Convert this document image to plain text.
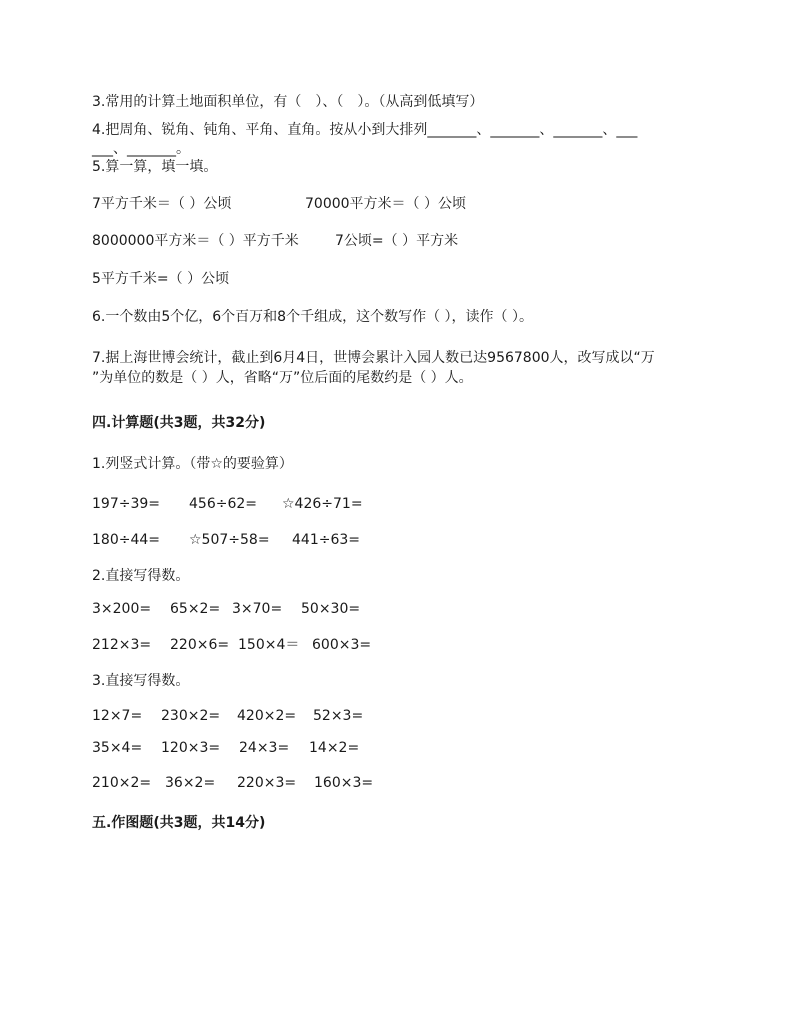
3.常用的计算土地面积单位，有（　）、（　）。（从高到低填写）
4.把周角、锐角、钝角、平角、直角。按从小到大排列_______、_______、_______、___
___、_______。
5.算一算，填一填。
7平方千米＝（ ）公顷	70000平方米＝（ ）公顷
8000000平方米＝（ ）平方千米	7公顷=（ ）平方米
5平方千米=（ ）公顷
6.一个数由5个亿，6个百万和8个千组成，这个数写作（ ），读作（ ）。
7.据上海世博会统计，截止到6月4日，世博会累计入园人数已达9567800人，改写成以“万
”为单位的数是（ ）人，省略“万”位后面的尾数约是（ ）人。
四.计算题(共3题，共32分)
1.列竖式计算。（带☆的要验算）
197÷39= 456÷62= ☆426÷71=
180÷44= ☆507÷58= 441÷63=
2.直接写得数。
3×200= 65×2= 3×70= 50×30=
212×3= 220×6= 150×4＝ 600×3=
3.直接写得数。
12×7= 230×2= 420×2= 52×3=
35×4= 120×3= 24×3= 14×2=
210×2= 36×2= 220×3= 160×3=
五.作图题(共3题，共14分)
